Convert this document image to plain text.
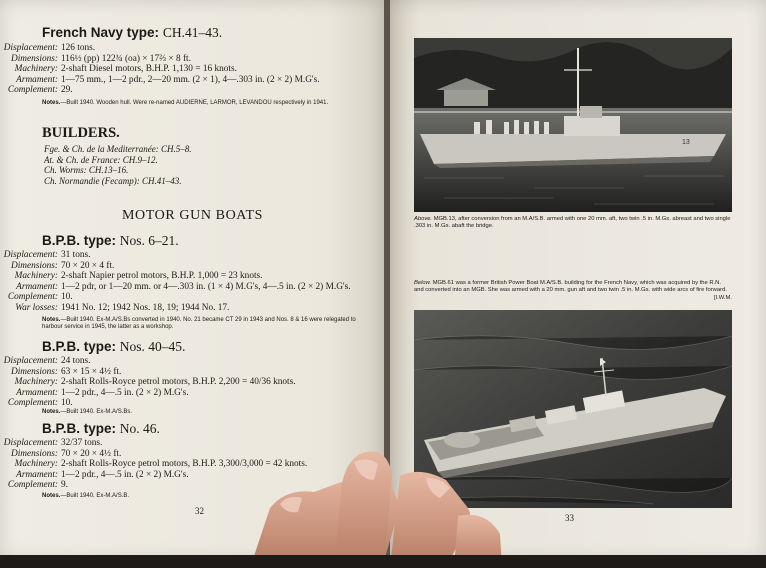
French Navy type: CH.41–43.
Displacement: 126 tons.
Dimensions: 116½ (pp) 122¾ (oa) × 17⅔ × 8 ft.
Machinery: 2-shaft Diesel motors, B.H.P. 1,130 = 16 knots.
Armament: 1—75 mm., 1—2 pdr., 2—20 mm. (2 × 1), 4—.303 in. (2 × 2) M.G's.
Complement: 29.
Notes.—Built 1940. Wooden hull. Were re-named AUDIERNE, LARMOR, LEVANDOU respectively in 1941.
BUILDERS.
Fge. & Ch. de la Mediterranée: CH.5–8.
At. & Ch. de France: CH.9–12.
Ch. Worms: CH.13–16.
Ch. Normandie (Fecamp): CH.41–43.
MOTOR GUN BOATS
B.P.B. type: Nos. 6–21.
Displacement: 31 tons.
Dimensions: 70 × 20 × 4 ft.
Machinery: 2-shaft Napier petrol motors, B.H.P. 1,000 = 23 knots.
Armament: 1—2 pdr, or 1—20 mm. or 4—.303 in. (1 × 4) M.G's, 4—.5 in. (2 × 2) M.G's.
Complement: 10.
War losses: 1941 No. 12; 1942 Nos. 18, 19; 1944 No. 17.
Notes.—Built 1940. Ex-M.A/S.Bs converted in 1940. No. 21 became CT 29 in 1943 and Nos. 8 & 16 were relegated to harbour service in 1945, the latter as a workshop.
B.P.B. type: Nos. 40–45.
Displacement: 24 tons.
Dimensions: 63 × 15 × 4½ ft.
Machinery: 2-shaft Rolls-Royce petrol motors, B.H.P. 2,200 = 40/36 knots.
Armament: 1—2 pdr., 4—.5 in. (2 × 2) M.G's.
Complement: 10.
Notes.—Built 1940. Ex-M.A/S.Bs.
B.P.B. type: No. 46.
Displacement: 32/37 tons.
Dimensions: 70 × 20 × 4½ ft.
Machinery: 2-shaft Rolls-Royce petrol motors, B.H.P. 3,300/3,000 = 42 knots.
Armament: 1—2 pdr., 4—.5 in. (2 × 2) M.G's.
Complement: 9.
Notes.—Built 1940. Ex-M.A/S.B.
32
13
Above. MGB.13, after conversion from an M.A/S.B. armed with one 20 mm. aft, two twin .5 in. M.Gs. abreast and two single .303 in. M.Gs. abaft the bridge.
Below. MGB.61 was a former British Power Boat M.A/S.B. building for the French Navy, which was acquired by the R.N. and converted into an MGB. She was armed with a 20 mm. gun aft and two twin .5 in. M.Gs. with wide arcs of fire forward.
[I.W.M.
33
